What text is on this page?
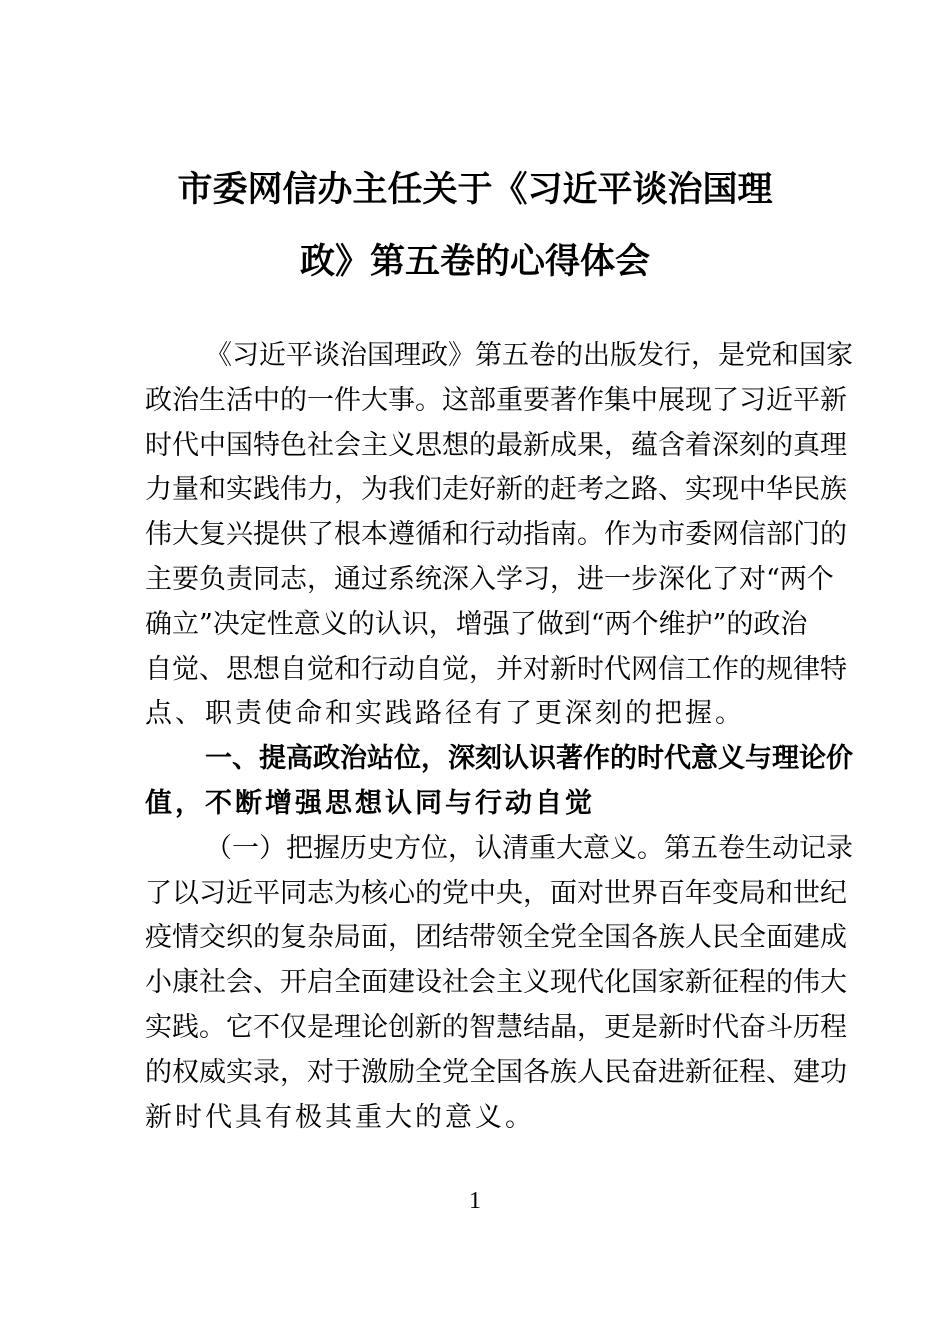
市委网信办主任关于《习近平谈治国理
政》第五卷的心得体会
《习近平谈治国理政》第五卷的出版发行，是党和国家
政治生活中的一件大事。这部重要著作集中展现了习近平新
时代中国特色社会主义思想的最新成果，蕴含着深刻的真理
力量和实践伟力，为我们走好新的赶考之路、实现中华民族
伟大复兴提供了根本遵循和行动指南。作为市委网信部门的
主要负责同志，通过系统深入学习，进一步深化了对“两个
确立”决定性意义的认识，增强了做到“两个维护”的政治
自觉、思想自觉和行动自觉，并对新时代网信工作的规律特
点、职责使命和实践路径有了更深刻的把握。
一、提高政治站位，深刻认识著作的时代意义与理论价
值，不断增强思想认同与行动自觉
（一）把握历史方位，认清重大意义。第五卷生动记录
了以习近平同志为核心的党中央，面对世界百年变局和世纪
疫情交织的复杂局面，团结带领全党全国各族人民全面建成
小康社会、开启全面建设社会主义现代化国家新征程的伟大
实践。它不仅是理论创新的智慧结晶，更是新时代奋斗历程
的权威实录，对于激励全党全国各族人民奋进新征程、建功
新时代具有极其重大的意义。
1
